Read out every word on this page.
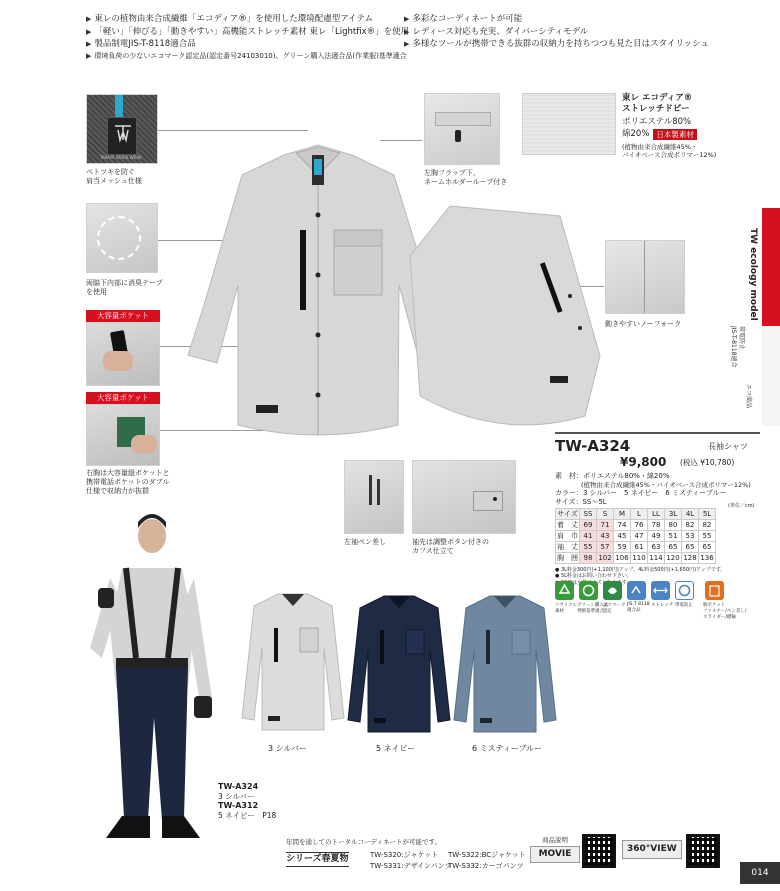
▶ 東レの植物由来合成繊維「エコディア®」を使用した環境配慮型アイテム
▶ 「軽い」「伸びる」「動きやすい」高機能ストレッチ素材 東レ「Lightfix®」を使用
▶ 製品制電JIS-T-8118適合品
▶ 環境負荷の少ないエコマーク認定品(認定番号24103010)、グリーン購入法適合品(作業服)基準適合
▶ 多彩なコーディネートが可能
▶ レディース対応も充実、ダイバーシティモデル
▶ 多様なツールが携帯できる抜群の収納力を持ちつつも見た目はスタイリッシュ
TAKAYA WORK WEAR
ベトツキを防ぐ
肩当メッシュ仕様
両脇下内部に消臭テープ
を使用
大容量ポケット
大容量ポケット
右胸は大容量縦ポケットと
携帯電話ポケットのダブル
仕様で収納力が抜群
左胸フラップ下、
ネームホルダーループ付き
東レ エコディア®
ストレッチドビー
ポリエステル80%
綿20% 日本製素材
(植物由来合成繊維45%・
バイオベース合成ポリマー12%)
動きやすいノーフォーク
TW ecology model
帯電防止
JIS-T-8118適合
エコ商品
左袖ペン差し	袖先は調整ボタン付きの
カフス仕立て
TW-A324	長袖シャツ
¥9,800 (税込 ¥10,780)
素　材：ポリエステル80%・綿20%
(植物由来合成繊維45%・バイオベース合成ポリマー12%)
カラー：3 シルバー　5 ネイビー　6 ミスティーブルー
サイズ：SS～5L
(単位／cm)
サイズ	SS	S	M	L	LL	3L	4L	5L
着　丈	69	71	74	76	78	80	82	82
肩　巾	41	43	45	47	49	51	53	55
袖　丈	55	57	59	61	63	65	65	65
胸　囲	98	102	106	110	114	120	128	136
● 3L料金300円(+1,100円)アップ、4L料金500円(+1,650円)アップです。
● 5L料金はお問い合わせ下さい。
リサイクル
素材
グリーン購入法
判断基準適合
エコマーク
認定
JIS T 8118
適合品
ストレッチ 帯電防止 胸ポケット
ファスナー/ペン差し/
スライダー/鍵輪
TW-A324
3 シルバー
TW-A312
5 ネイビー　P18
3 シルバー	5 ネイビー	6 ミスティーブルー
年間を通してのトータルコーディネートが可能です。
シリーズ春夏物	TW-S320:ジャケット TW-S322:BCジャケット
TW-S331:デザインパンツ
TW-S332:カーゴパンツ
商品説明
MOVIE
360°VIEW
014
